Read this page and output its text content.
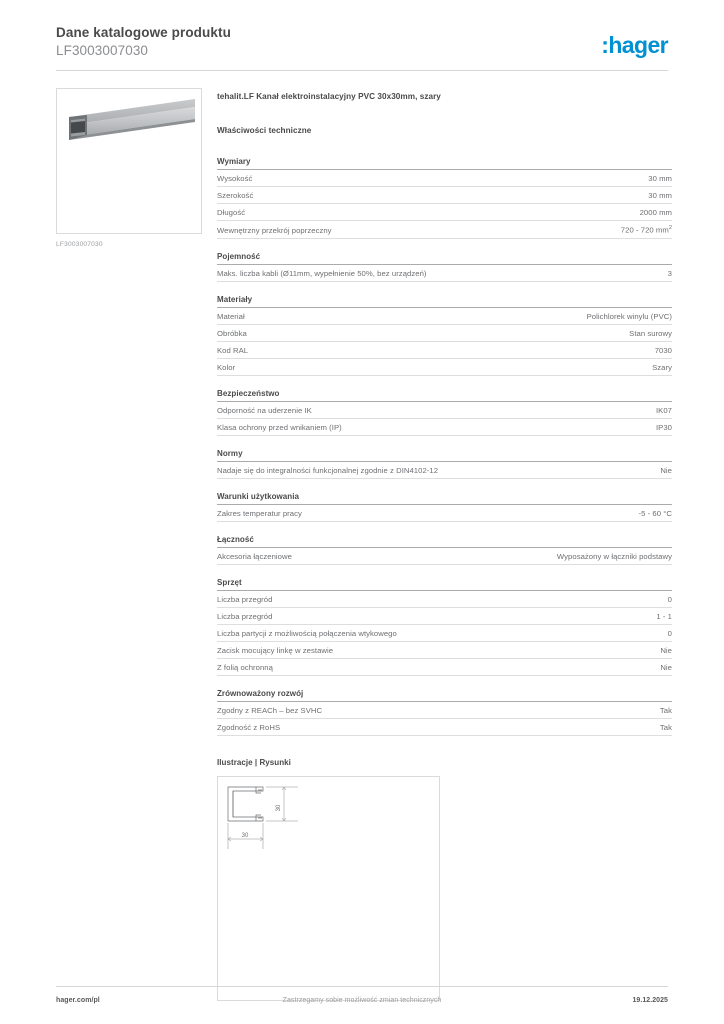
Dane katalogowe produktu
LF3003007030	:hager
LF3003007030
tehalit.LF Kanał elektroinstalacyjny PVC 30x30mm, szary
Właściwości techniczne
Wymiary
Wysokość	30 mm
Szerokość	30 mm
Długość	2000 mm
Wewnętrzny przekrój poprzeczny	720 - 720 $mm^2$
Pojemność
Maks. liczba kabli (Ø11mm, wypełnienie 50%, bez urządzeń)	3
Materiały
Materiał	Polichlorek winylu (PVC)
Obróbka	Stan surowy
Kod RAL	7030
Kolor	Szary
Bezpieczeństwo
Odporność na uderzenie IK	IK07
Klasa ochrony przed wnikaniem (IP)	IP30
Normy
Nadaje się do integralności funkcjonalnej zgodnie z DIN4102-12	Nie
Warunki użytkowania
Zakres temperatur pracy	-5 - 60 °C
Łączność
Akcesoria łączeniowe	Wyposażony w łączniki podstawy
Sprzęt
Liczba przegród	0
Liczba przegród	1 - 1
Liczba partycji z możliwością połączenia wtykowego	0
Zacisk mocujący linkę w zestawie	Nie
Z folią ochronną	Nie
Zrównoważony rozwój
Zgodny z REACh – bez SVHC	Tak
Zgodność z RoHS	Tak
Ilustracje | Rysunki
30
30
hager.com/pl	Zastrzegamy sobie możliwość zmian technicznych	19.12.2025
